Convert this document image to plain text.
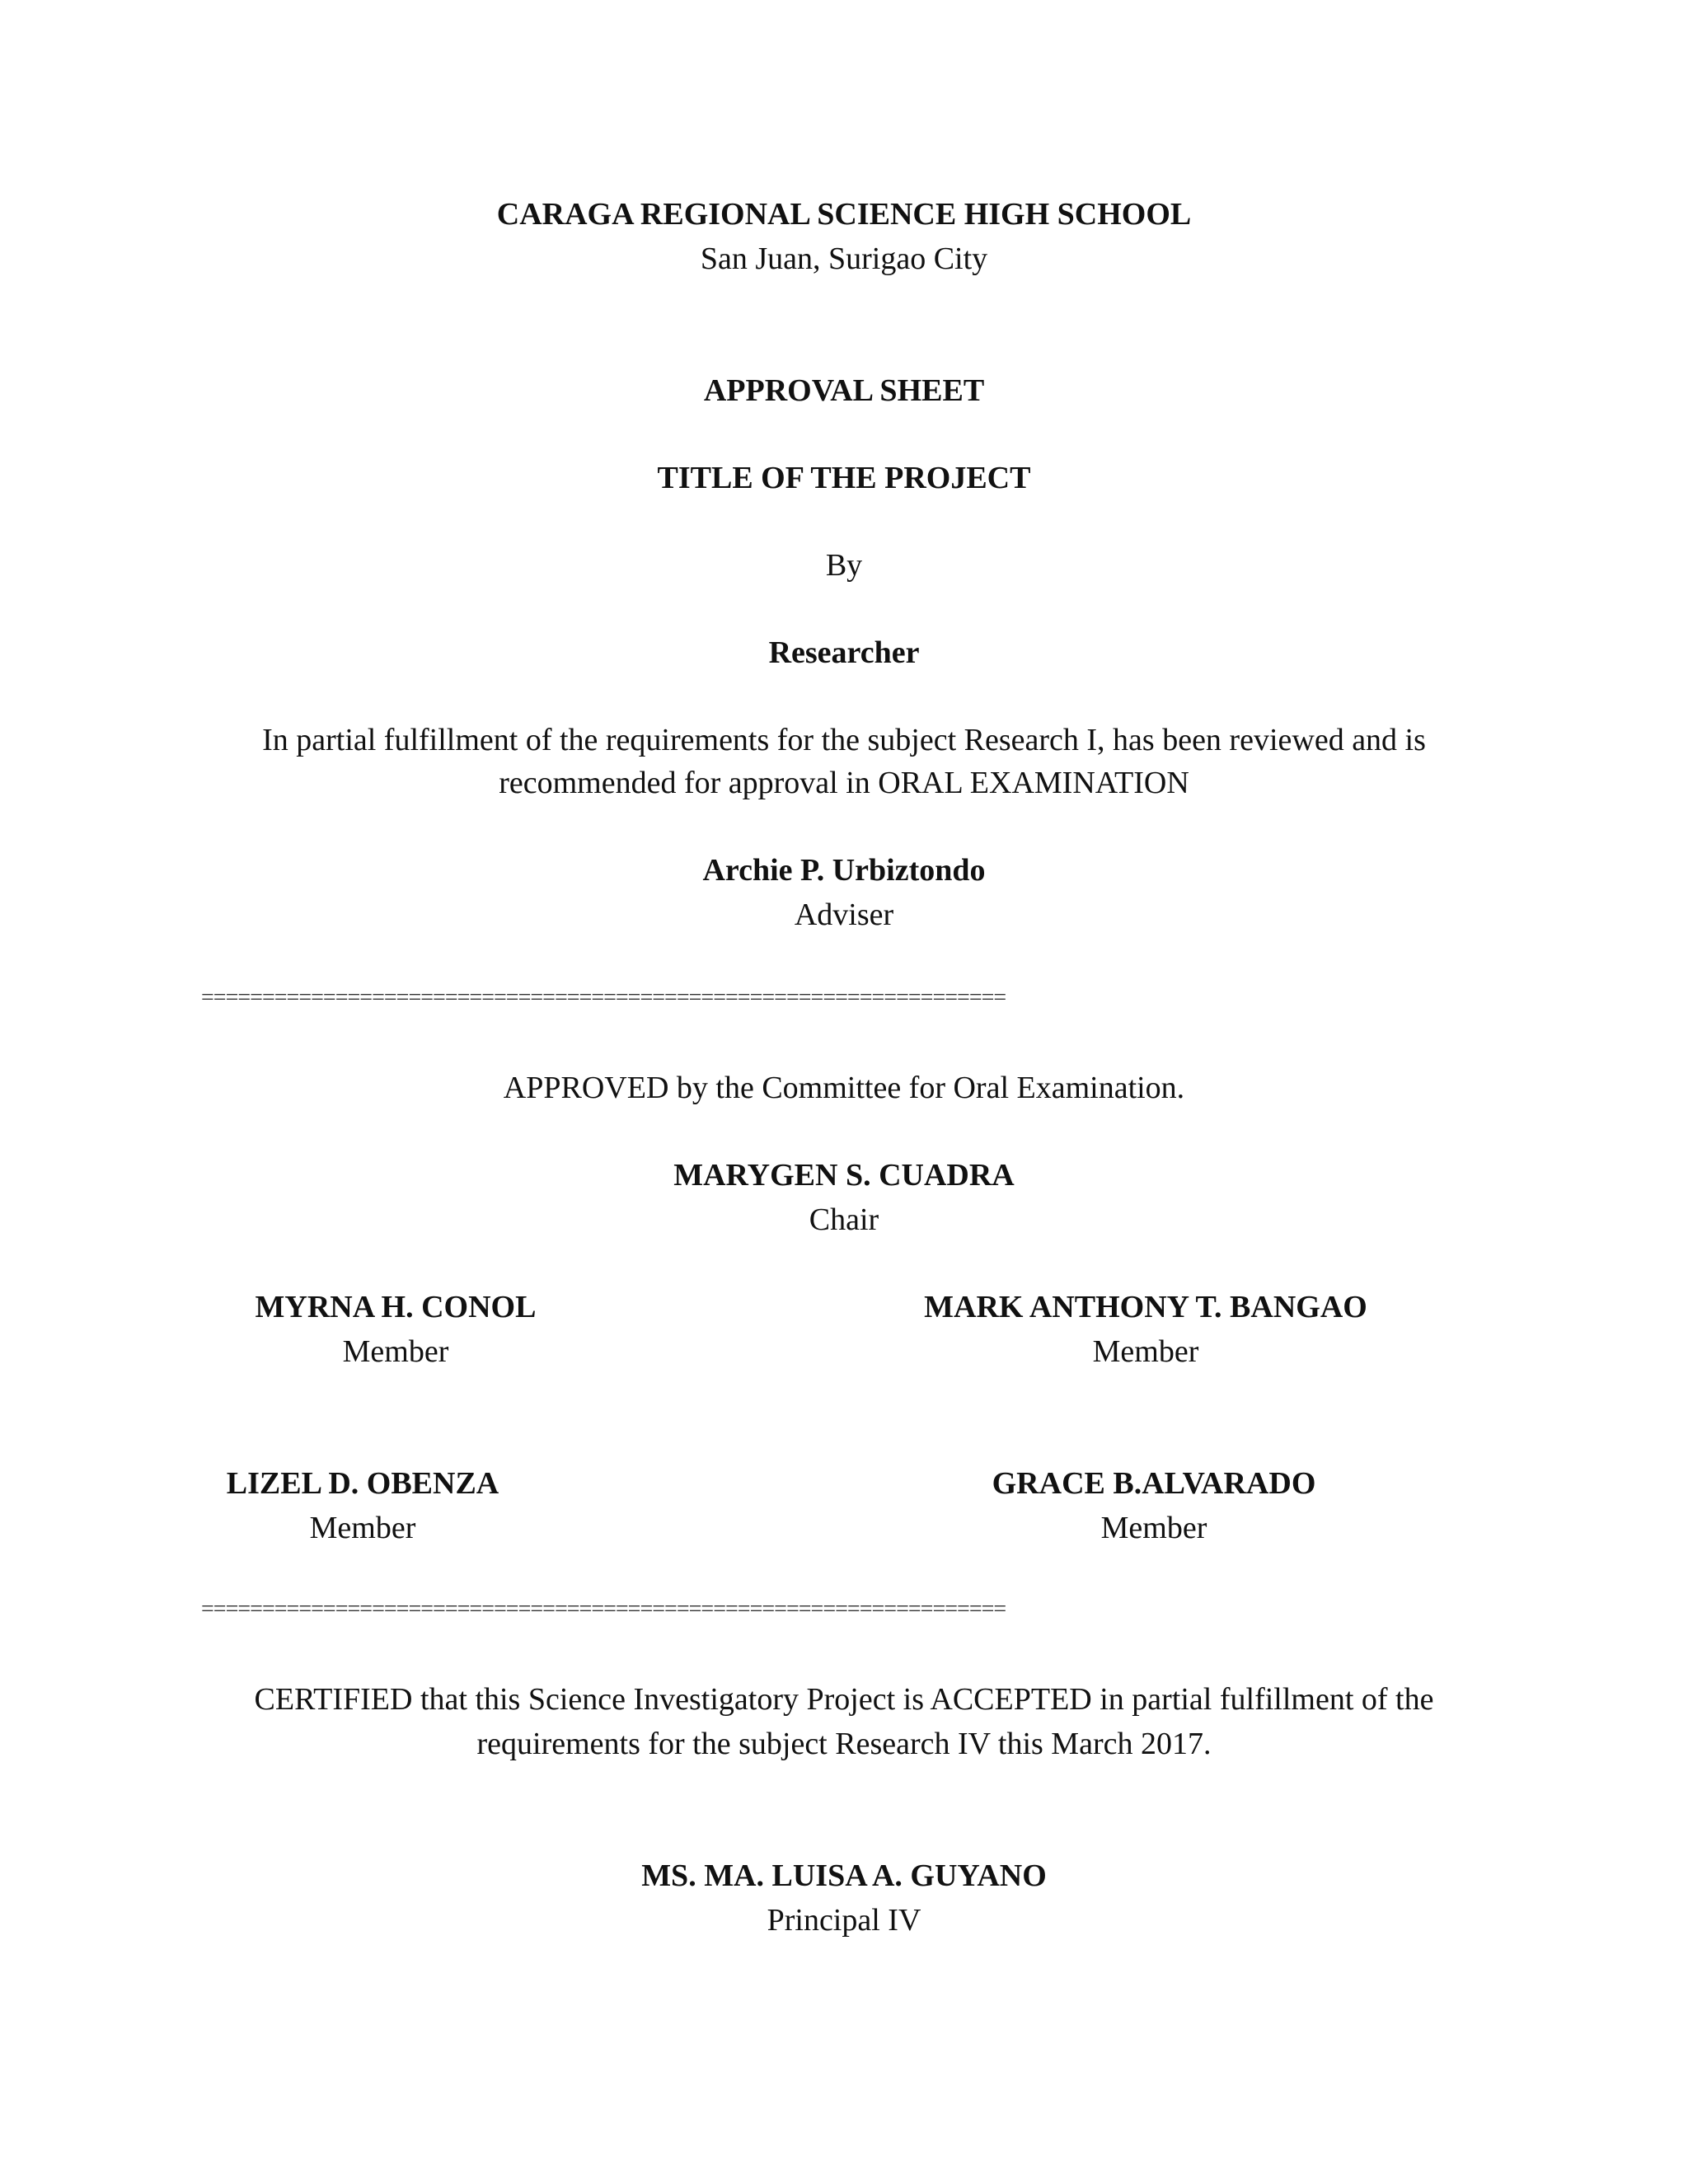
CARAGA REGIONAL SCIENCE HIGH SCHOOL
San Juan, Surigao City
APPROVAL SHEET
TITLE OF THE PROJECT
By
Researcher
In partial fulfillment of the requirements for the subject Research I, has been reviewed and is
recommended for approval in ORAL EXAMINATION
Archie P. Urbiztondo
Adviser
==================================================================
APPROVED by the Committee for Oral Examination.
MARYGEN S. CUADRA
Chair
MYRNA H. CONOL
Member
MARK ANTHONY T. BANGAO
Member
LIZEL D. OBENZA
Member
GRACE B.ALVARADO
Member
==================================================================
CERTIFIED that this Science Investigatory Project is ACCEPTED in partial fulfillment of the
requirements for the subject Research IV this March 2017.
MS. MA. LUISA A. GUYANO
Principal IV
